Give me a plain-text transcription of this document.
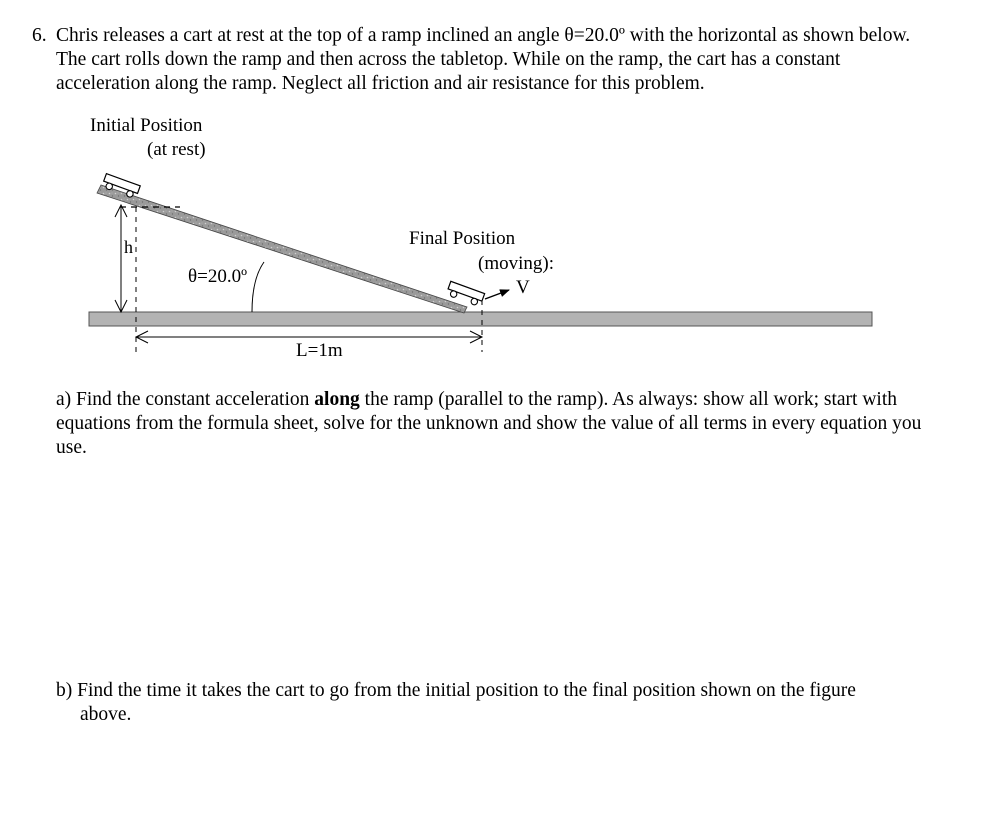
6. Chris releases a cart at rest at the top of a ramp inclined an angle θ=20.0º with the horizontal as shown below. The cart rolls down the ramp and then across the tabletop. While on the ramp, the cart has a constant acceleration along the ramp. Neglect all friction and air resistance for this problem.
Initial Position
(at rest)
Final Position
(moving):
V
h
θ=20.0º
L=1m
a) Find the constant acceleration along the ramp (parallel to the ramp). As always: show all work; start with equations from the formula sheet, solve for the unknown and show the value of all terms in every equation you use.
b) Find the time it takes the cart to go from the initial position to the final position shown on the figure
above.
